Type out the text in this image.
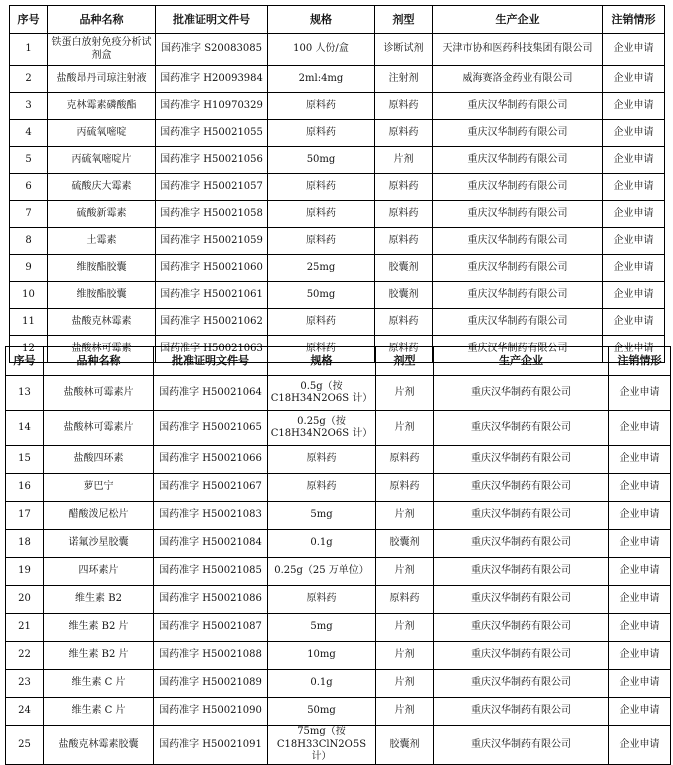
序号	品种名称	批准证明文件号	规格	剂型	生产企业	注销情形
1	铁蛋白放射免疫分析试剂盒	国药准字 S20083085	100 人份/盒	诊断试剂	天津市协和医药科技集团有限公司	企业申请
2	盐酸昂丹司琼注射液	国药准字 H20093984	2ml:4mg	注射剂	威海赛洛金药业有限公司	企业申请
3	克林霉素磷酸酯	国药准字 H10970329	原料药	原料药	重庆汉华制药有限公司	企业申请
4	丙硫氧嘧啶	国药准字 H50021055	原料药	原料药	重庆汉华制药有限公司	企业申请
5	丙硫氧嘧啶片	国药准字 H50021056	50mg	片剂	重庆汉华制药有限公司	企业申请
6	硫酸庆大霉素	国药准字 H50021057	原料药	原料药	重庆汉华制药有限公司	企业申请
7	硫酸新霉素	国药准字 H50021058	原料药	原料药	重庆汉华制药有限公司	企业申请
8	土霉素	国药准字 H50021059	原料药	原料药	重庆汉华制药有限公司	企业申请
9	维胺酯胶囊	国药准字 H50021060	25mg	胶囊剂	重庆汉华制药有限公司	企业申请
10	维胺酯胶囊	国药准字 H50021061	50mg	胶囊剂	重庆汉华制药有限公司	企业申请
11	盐酸克林霉素	国药准字 H50021062	原料药	原料药	重庆汉华制药有限公司	企业申请
12	盐酸林可霉素	国药准字 H50021063	原料药	原料药	重庆汉华制药有限公司	企业申请
序号	品种名称	批准证明文件号	规格	剂型	生产企业	注销情形
13	盐酸林可霉素片	国药准字 H50021064	0.5g（按C18H34N2O6S 计）	片剂	重庆汉华制药有限公司	企业申请
14	盐酸林可霉素片	国药准字 H50021065	0.25g（按C18H34N2O6S 计）	片剂	重庆汉华制药有限公司	企业申请
15	盐酸四环素	国药准字 H50021066	原料药	原料药	重庆汉华制药有限公司	企业申请
16	萝巴宁	国药准字 H50021067	原料药	原料药	重庆汉华制药有限公司	企业申请
17	醋酸泼尼松片	国药准字 H50021083	5mg	片剂	重庆汉华制药有限公司	企业申请
18	诺氟沙星胶囊	国药准字 H50021084	0.1g	胶囊剂	重庆汉华制药有限公司	企业申请
19	四环素片	国药准字 H50021085	0.25g（25 万单位）	片剂	重庆汉华制药有限公司	企业申请
20	维生素 B2	国药准字 H50021086	原料药	原料药	重庆汉华制药有限公司	企业申请
21	维生素 B2 片	国药准字 H50021087	5mg	片剂	重庆汉华制药有限公司	企业申请
22	维生素 B2 片	国药准字 H50021088	10mg	片剂	重庆汉华制药有限公司	企业申请
23	维生素 C 片	国药准字 H50021089	0.1g	片剂	重庆汉华制药有限公司	企业申请
24	维生素 C 片	国药准字 H50021090	50mg	片剂	重庆汉华制药有限公司	企业申请
25	盐酸克林霉素胶囊	国药准字 H50021091	75mg（按C18H33ClN2O5S 计）	胶囊剂	重庆汉华制药有限公司	企业申请
